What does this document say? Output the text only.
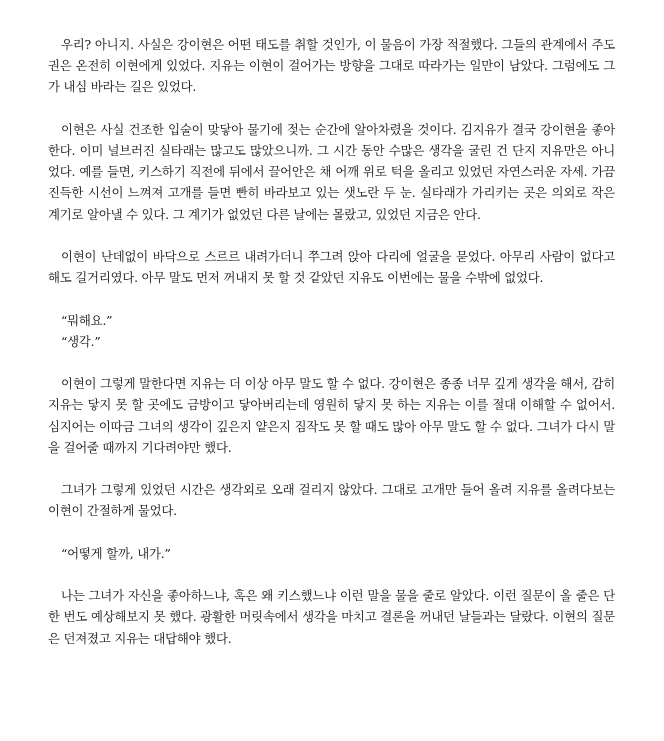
우리? 아니지. 사실은 강이현은 어떤 태도를 취할 것인가, 이 물음이 가장 적절했다. 그들의 관계에서 주도권은 온전히 이현에게 있었다. 지유는 이현이 걸어가는 방향을 그대로 따라가는 일만이 남았다. 그럼에도 그가 내심 바라는 길은 있었다.

이현은 사실 건조한 입술이 맞닿아 물기에 젖는 순간에 알아차렸을 것이다. 김지유가 결국 강이현을 좋아한다. 이미 널브러진 실타래는 많고도 많았으니까. 그 시간 동안 수많은 생각을 굴린 건 단지 지유만은 아니었다. 예를 들면, 키스하기 직전에 뒤에서 끌어안은 채 어깨 위로 턱을 올리고 있었던 자연스러운 자세. 가끔 진득한 시선이 느껴져 고개를 들면 빤히 바라보고 있는 샛노란 두 눈. 실타래가 가리키는 곳은 의외로 작은 계기로 알아낼 수 있다. 그 계기가 없었던 다른 날에는 몰랐고, 있었던 지금은 안다.

이현이 난데없이 바닥으로 스르르 내려가더니 쭈그려 앉아 다리에 얼굴을 묻었다. 아무리 사람이 없다고 해도 길거리였다. 아무 말도 먼저 꺼내지 못 할 것 같았던 지유도 이번에는 물을 수밖에 없었다.

“뭐해요.”

“생각.”

이현이 그렇게 말한다면 지유는 더 이상 아무 말도 할 수 없다. 강이현은 종종 너무 깊게 생각을 해서, 감히 지유는 닿지 못 할 곳에도 금방이고 닿아버리는데 영원히 닿지 못 하는 지유는 이를 절대 이해할 수 없어서. 심지어는 이따금 그녀의 생각이 깊은지 얕은지 짐작도 못 할 때도 많아 아무 말도 할 수 없다. 그녀가 다시 말을 걸어줄 때까지 기다려야만 했다.

그녀가 그렇게 있었던 시간은 생각외로 오래 걸리지 않았다. 그대로 고개만 들어 올려 지유를 올려다보는 이현이 간절하게 물었다.

“어떻게 할까, 내가.”

나는 그녀가 자신을 좋아하느냐, 혹은 왜 키스했느냐 이런 말을 물을 줄로 알았다. 이런 질문이 올 줄은 단 한 번도 예상해보지 못 했다. 광활한 머릿속에서 생각을 마치고 결론을 꺼내던 날들과는 달랐다. 이현의 질문은 던져졌고 지유는 대답해야 했다.
